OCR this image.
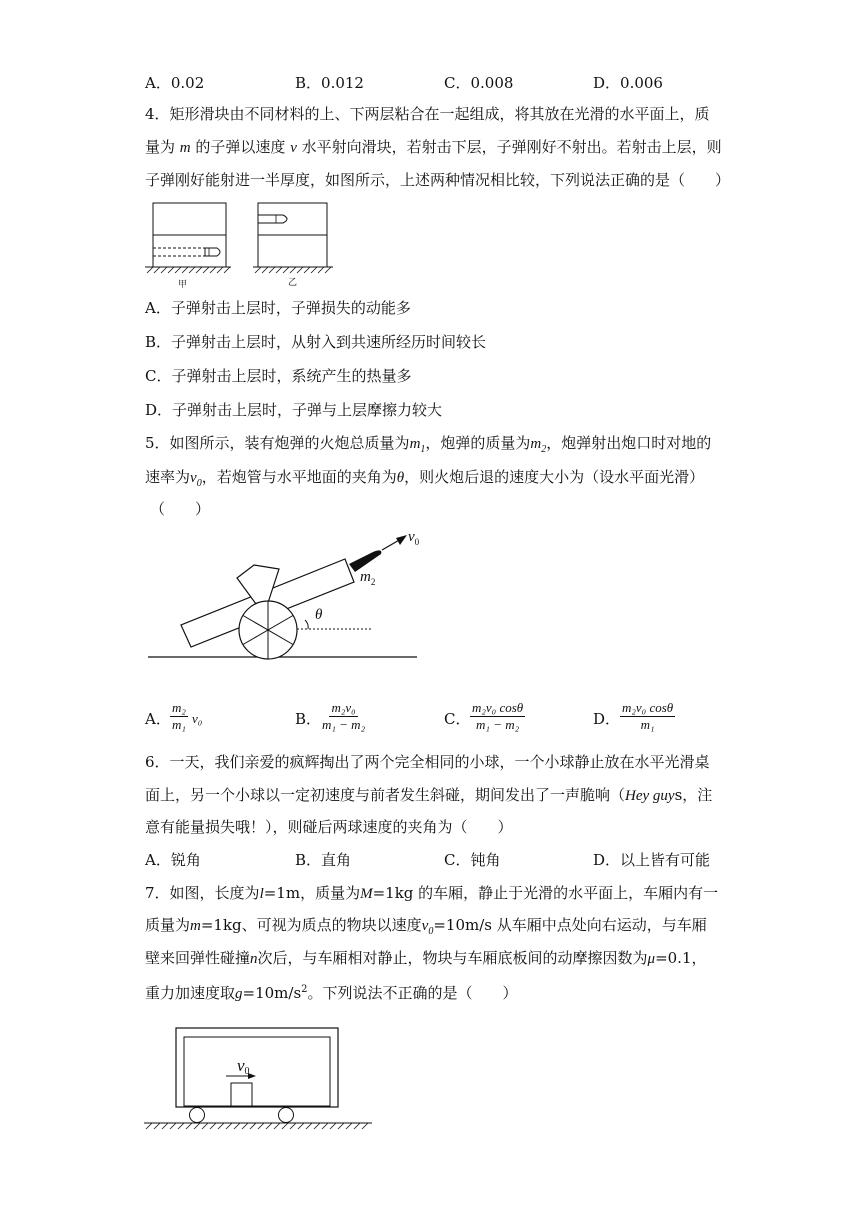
A．0.02	B．0.012	C．0.008	D．0.006
4．矩形滑块由不同材料的上、下两层粘合在一起组成，将其放在光滑的水平面上，质
量为 m 的子弹以速度 v 水平射向滑块，若射击下层，子弹刚好不射出。若射击上层，则
子弹刚好能射进一半厚度，如图所示，上述两种情况相比较，下列说法正确的是（　　）
甲	乙
A．子弹射击上层时，子弹损失的动能多
B．子弹射击上层时，从射入到共速所经历时间较长
C．子弹射击上层时，系统产生的热量多
D．子弹射击上层时，子弹与上层摩擦力较大
5．如图所示，装有炮弹的火炮总质量为$m_1$，炮弹的质量为$m_2$，炮弹射出炮口时对地的
速率为$v_0$，若炮管与水平地面的夹角为θ，则火炮后退的速度大小为（设水平面光滑）
（　　）
θ
$v_0$
$m_2$
A． $\frac{\text{m₂}}{\text{m₁}} v_0$	B．
$\frac{\text{m₂v₀}}{\text{m₁ − m₂}}$	C． $\frac{\text{m₂v₀ cosθ}}{\text{m₁ − m₂}}$	D． $\frac{\text{m₂v₀ cosθ}}{\text{m₁}}$
6．一天，我们亲爱的疯辉掏出了两个完全相同的小球，一个小球静止放在水平光滑桌
面上，另一个小球以一定初速度与前者发生斜碰，期间发出了一声脆响（Hey guys，注
意有能量损失哦！），则碰后两球速度的夹角为（　　）
A．锐角	B．直角	C．钝角	D．以上皆有可能
7．如图，长度为l=1m，质量为M=1kg 的车厢，静止于光滑的水平面上，车厢内有一
质量为m=1kg、可视为质点的物块以速度$v_0=10m/s$ 从车厢中点处向右运动，与车厢
壁来回弹性碰撞n次后，与车厢相对静止，物块与车厢底板间的动摩擦因数为μ=0.1，
重力加速度取$g=10m/s^2$。下列说法不正确的是（　　）
v0
